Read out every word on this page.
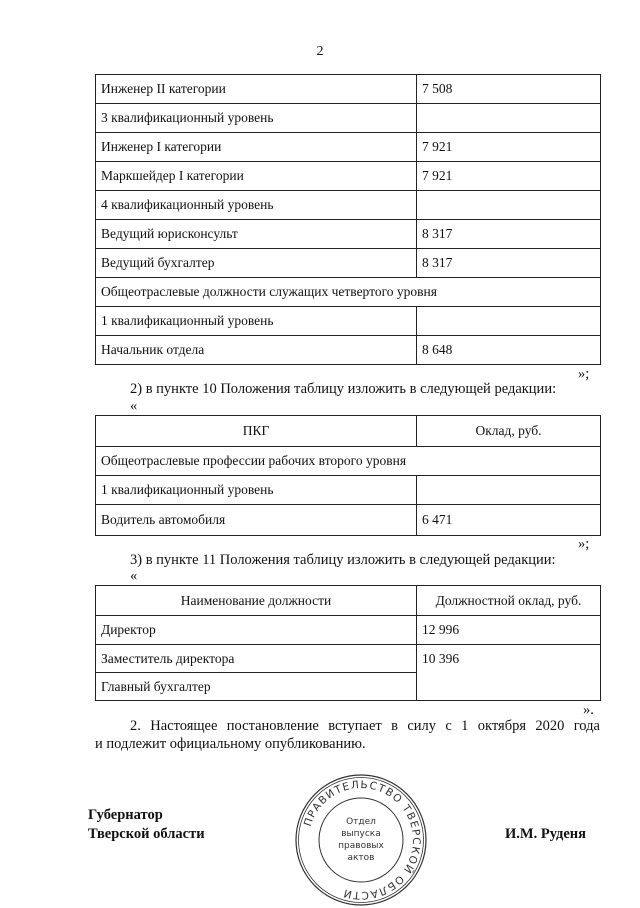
2
Инженер II категории	7 508
3 квалификационный уровень	
Инженер I категории	7 921
Маркшейдер I категории	7 921
4 квалификационный уровень	
Ведущий юрисконсульт	8 317
Ведущий бухгалтер	8 317
Общеотраслевые должности служащих четвертого уровня	
1 квалификационный уровень	
Начальник отдела	8 648
»;
2) в пункте 10 Положения таблицу изложить в следующей редакции:
«
ПКГ	Оклад, руб.
Общеотраслевые профессии рабочих второго уровня	
1 квалификационный уровень	
Водитель автомобиля	6 471
»;
3) в пункте 11 Положения таблицу изложить в следующей редакции:
«
Наименование должности	Должностной оклад, руб.
Директор	12 996
Заместитель директора	10 396
Главный бухгалтер	
».
2. Настоящее постановление вступает в силу с 1 октября 2020 года
и подлежит официальному опубликованию.
Губернатор
Тверской области	И.М. Руденя
ПРАВИТЕЛЬСТВО ТВЕРСКОЙ ОБЛАСТИ
Отдел
выпуска
правовых
актов
